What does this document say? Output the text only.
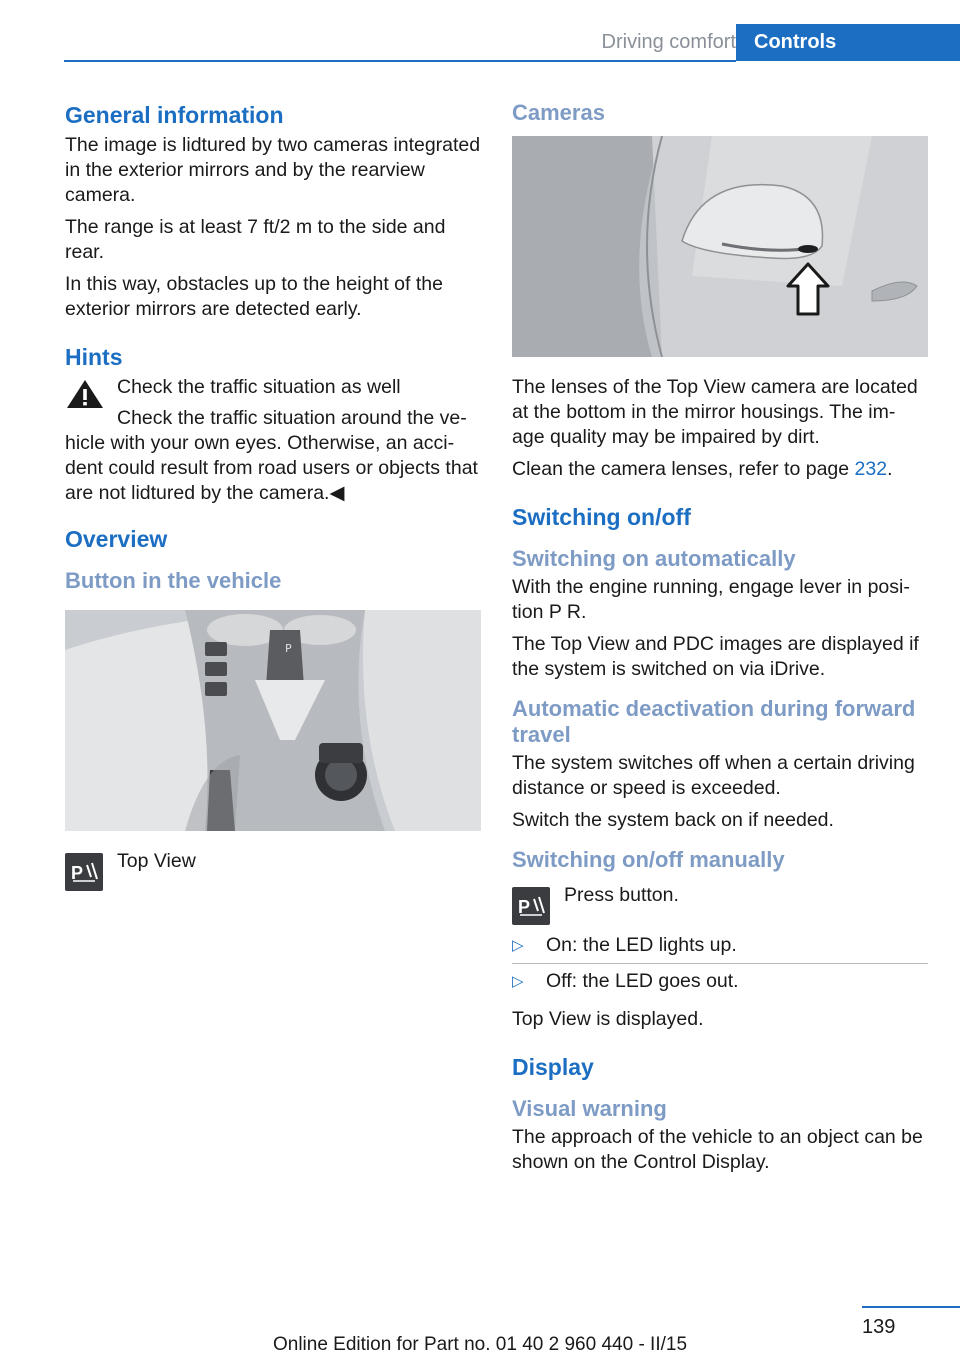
Driving comfort Controls
General information

The image is lidtured by two cameras integrated in the exterior mirrors and by the rearview camera.

The range is at least 7 ft/2 m to the side and rear.

In this way, obstacles up to the height of the exterior mirrors are detected early.

Hints

Check the traffic situation as well

Check the traffic situation around the ve‐

hicle with your own eyes. Otherwise, an acci‐ dent could result from road users or objects that are not lidtured by the camera.◀

Overview
Button in the vehicle
P
P
Top View
Cameras

The lenses of the Top View camera are located at the bottom in the mirror housings. The im‐ age quality may be impaired by dirt.

Clean the camera lenses, refer to page 232.

Switching on/off
Switching on automatically

With the engine running, engage lever in posi‐ tion P R.

The Top View and PDC images are displayed if the system is switched on via iDrive.

Automatic deactivation during forward travel

The system switches off when a certain driving distance or speed is exceeded.

Switch the system back on if needed.

Switching on/off manually
P
Press button.
▷ On: the LED lights up.
▷ Off: the LED goes out.

Top View is displayed.

Display
Visual warning

The approach of the vehicle to an object can be shown on the Control Display.

139
Online Edition for Part no. 01 40 2 960 440 - II/15
